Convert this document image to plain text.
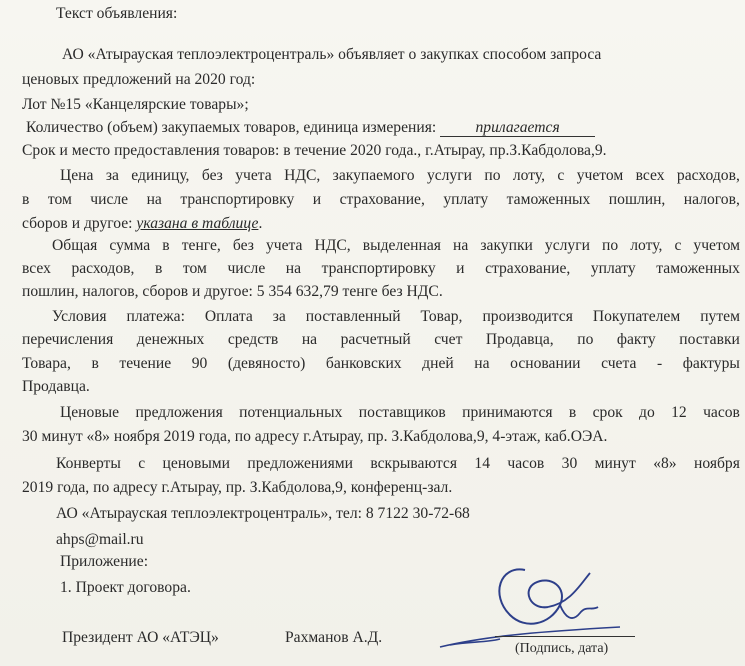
Текст объявления:
АО «Атырауская теплоэлектроцентраль» объявляет о закупках способом запроса
ценовых предложений на 2020 год:
Лот №15 «Канцелярские товары»;
Количество (объем) закупаемых товаров, единица измерения:	прилагается
Срок и место предоставления товаров: в течение 2020 года., г.Атырау, пр.З.Кабдолова,9.
Цена за единицу, без учета НДС, закупаемого услуги по лоту, с учетом всех расходов,
в том числе на транспортировку и страхование, уплату таможенных пошлин, налогов,
сборов и другое: указана в таблице.
Общая сумма в тенге, без учета НДС, выделенная на закупки услуги по лоту, с учетом
всех расходов, в том числе на транспортировку и страхование, уплату таможенных
пошлин, налогов, сборов и другое: 5 354 632,79 тенге без НДС.
Условия платежа: Оплата за поставленный Товар, производится Покупателем путем
перечисления денежных средств на расчетный счет Продавца, по факту поставки
Товара, в течение 90 (девяносто) банковских дней на основании счета - фактуры
Продавца.
Ценовые предложения потенциальных поставщиков принимаются в срок до 12 часов
30 минут «8» ноября 2019 года, по адресу г.Атырау, пр. З.Кабдолова,9, 4-этаж, каб.ОЭА.
Конверты с ценовыми предложениями вскрываются 14 часов 30 минут «8» ноября
2019 года, по адресу г.Атырау, пр. З.Кабдолова,9, конференц-зал.
АО «Атырауская теплоэлектроцентраль», тел: 8 7122 30-72-68
ahps@mail.ru
Приложение:
1. Проект договора.
Президент АО «АТЭЦ»	Рахманов А.Д.
(Подпись, дата)
